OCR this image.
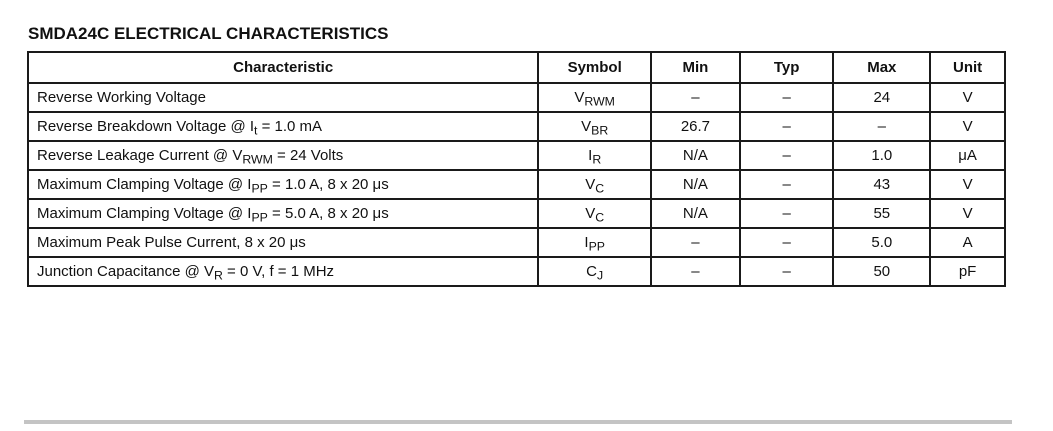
SMDA24C ELECTRICAL CHARACTERISTICS
Characteristic	Symbol	Min	Typ	Max	Unit
Reverse Working Voltage	$V_{RWM}$	–	–	24	V
Reverse Breakdown Voltage @ $I_t = 1.0$ mA	$V_{BR}$	26.7	–	–	V
Reverse Leakage Current @ $V_{RWM} = 24$ Volts	$I_R$	N/A	–	1.0	μA
Maximum Clamping Voltage @ $I_{PP} = 1.0$ A, 8 x 20 μs	$V_C$	N/A	–	43	V
Maximum Clamping Voltage @ $I_{PP} = 5.0$ A, 8 x 20 μs	$V_C$	N/A	–	55	V
Maximum Peak Pulse Current, 8 x 20 μs	$I_{PP}$	–	–	5.0	A
Junction Capacitance @ $V_R = 0$ V, f = 1 MHz	$C_J$	–	–	50	pF
